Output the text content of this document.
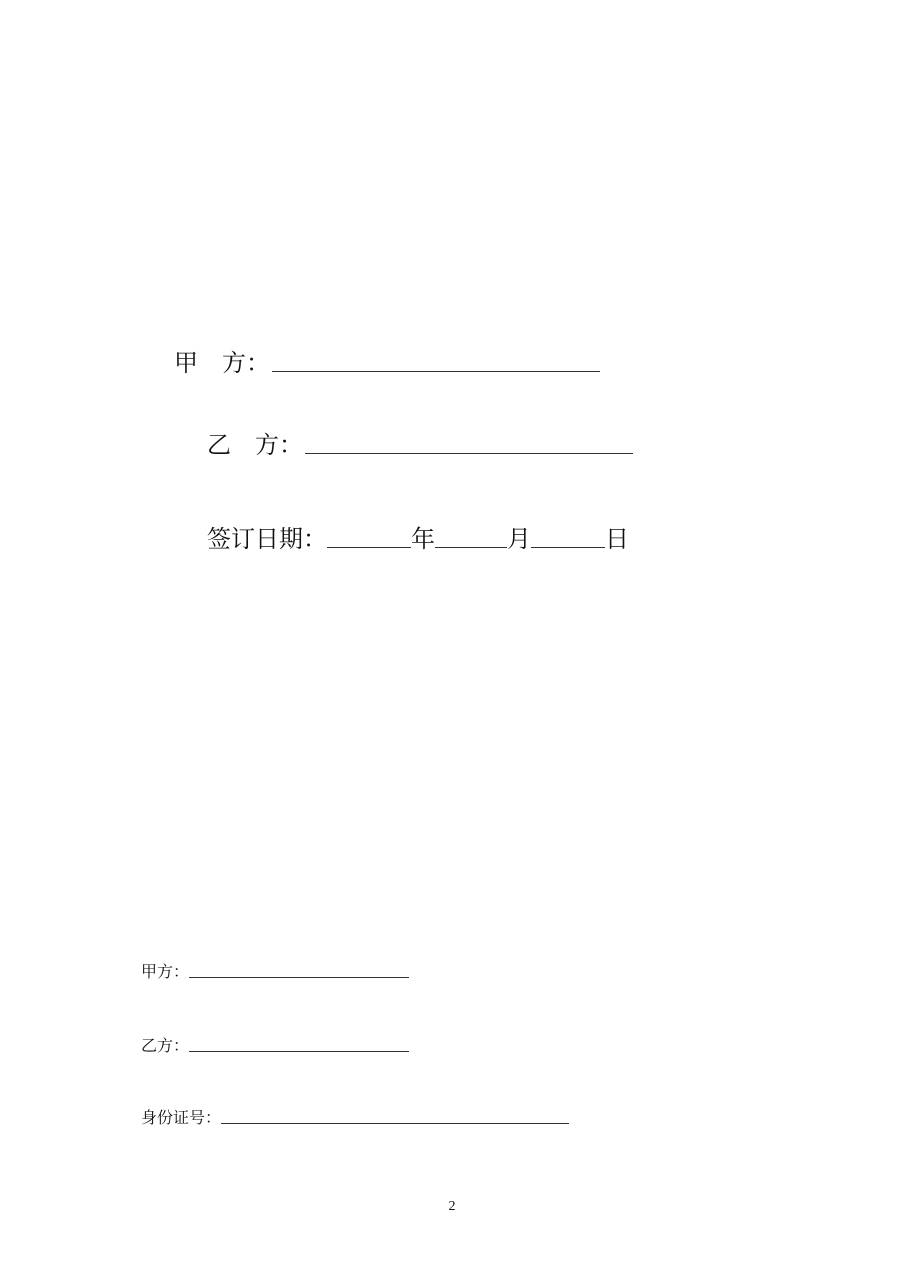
甲 方：
乙 方：
签订日期：	年	月	日
甲方：
乙方：
身份证号：
2
